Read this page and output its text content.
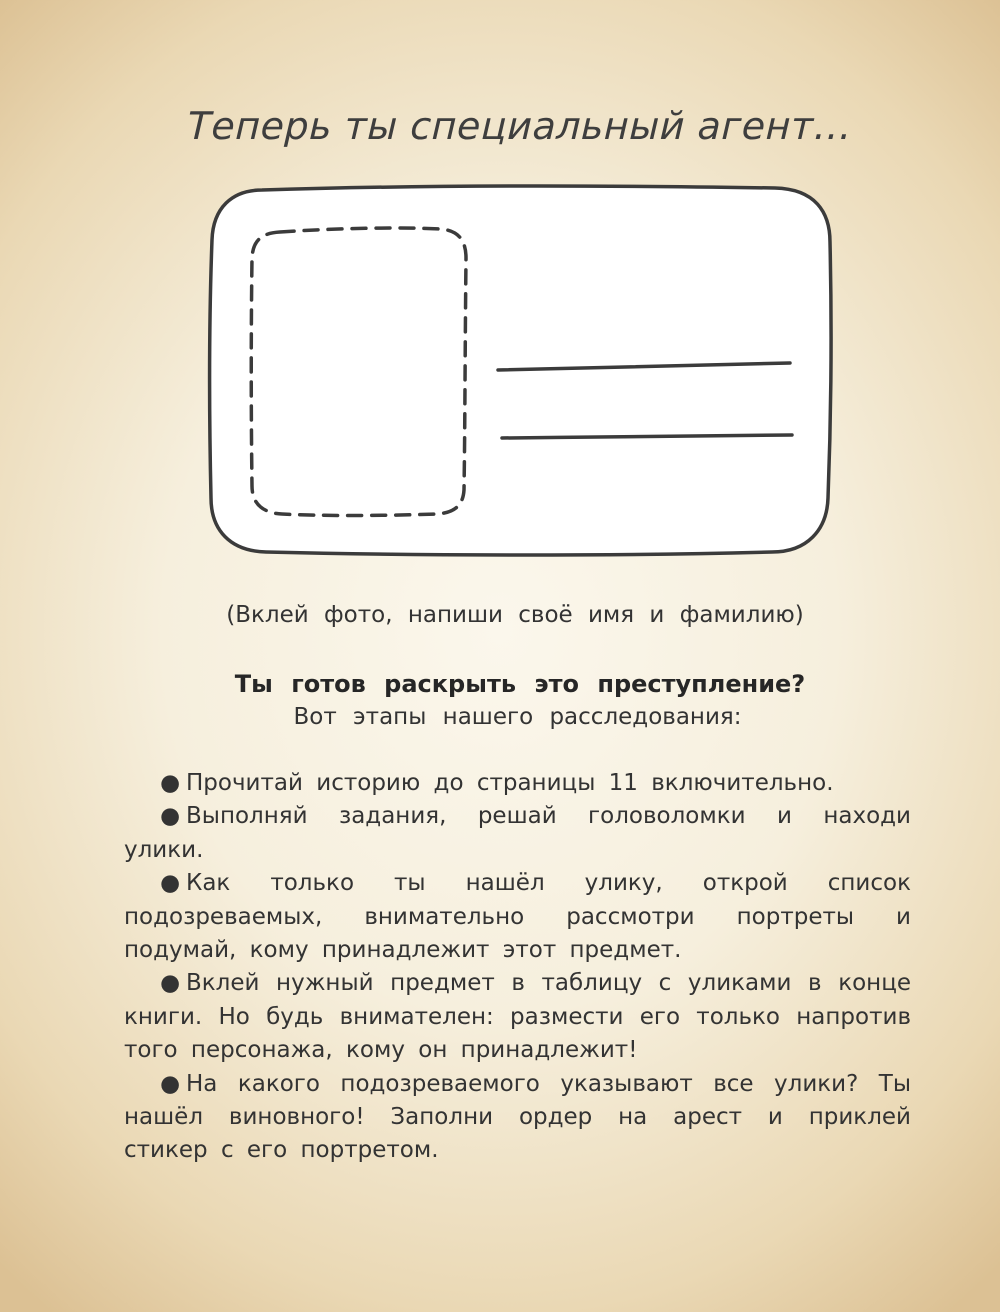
Теперь ты специальный агент…
(Вклей фото, напиши своё имя и фамилию)
Ты готов раскрыть это преступление?
Вот этапы нашего расследования:

● Прочитай историю до страницы 11 включительно.

● Выполняй задания, решай головоломки и находи улики.

● Как только ты нашёл улику, открой список подозреваемых, внимательно рассмотри портреты и подумай, кому принадлежит этот предмет.

● Вклей нужный предмет в таблицу с уликами в конце книги. Но будь внимателен: размести его только напротив того персонажа, кому он принадлежит!

● На какого подозреваемого указывают все улики? Ты нашёл виновного! Заполни ордер на арест и приклей стикер с его портретом.
